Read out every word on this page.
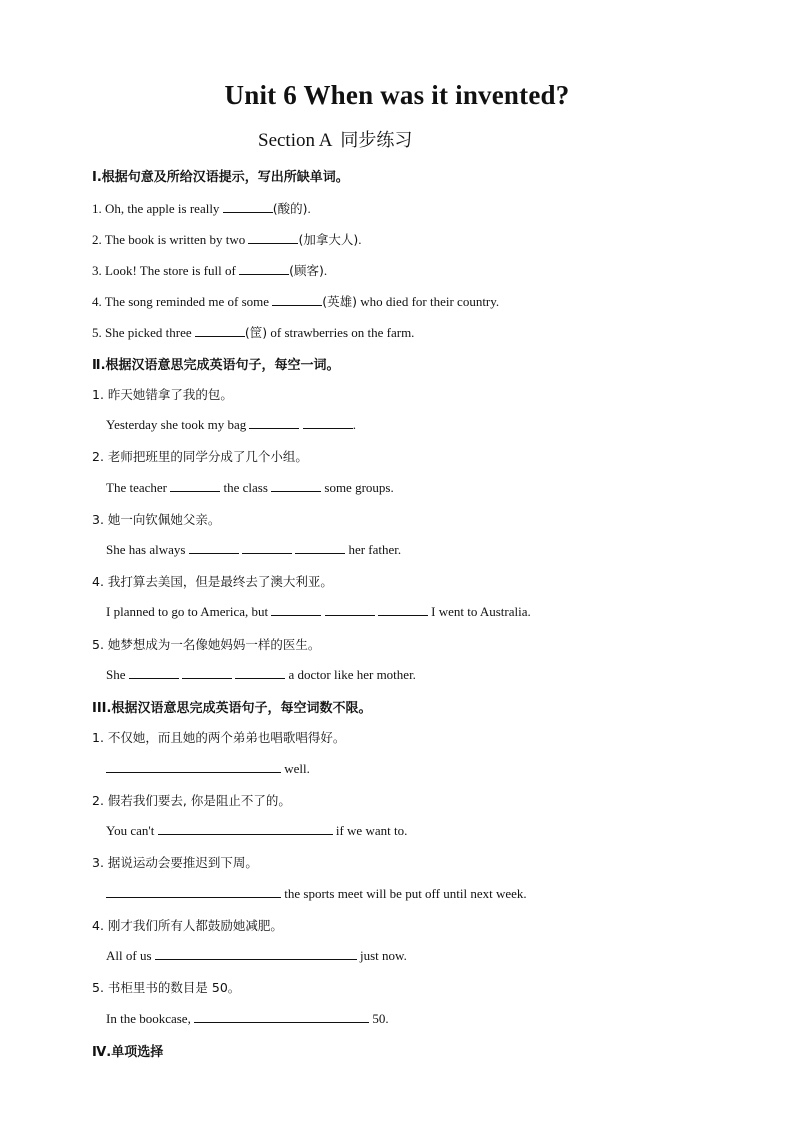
Unit 6 When was it invented?
Section A 同步练习
Ⅰ.根据句意及所给汉语提示，写出所缺单词。
1. Oh, the apple is really	(酸的).
2. The book is written by two	(加拿大人).
3. Look! The store is full of	(顾客).
4. The song reminded me of some	(英雄) who died for their country.
5. She picked three	(筐) of strawberries on the farm.
Ⅱ.根据汉语意思完成英语句子，每空一词。
1. 昨天她错拿了我的包。
Yesterday she took my bag	.
2. 老师把班里的同学分成了几个小组。
The teacher	the class	some groups.
3. 她一向钦佩她父亲。
She has always	her father.
4. 我打算去美国，但是最终去了澳大利亚。
I planned to go to America, but	I went to Australia.
5. 她梦想成为一名像她妈妈一样的医生。
She	a doctor like her mother.
III.根据汉语意思完成英语句子，每空词数不限。
1. 不仅她，而且她的两个弟弟也唱歌唱得好。
well.
2. 假若我们要去, 你是阻止不了的。
You can't	if we want to.
3. 据说运动会要推迟到下周。
the sports meet will be put off until next week.
4. 刚才我们所有人都鼓励她减肥。
All of us	just now.
5. 书柜里书的数目是 50。
In the bookcase,	50.
Ⅳ.单项选择
